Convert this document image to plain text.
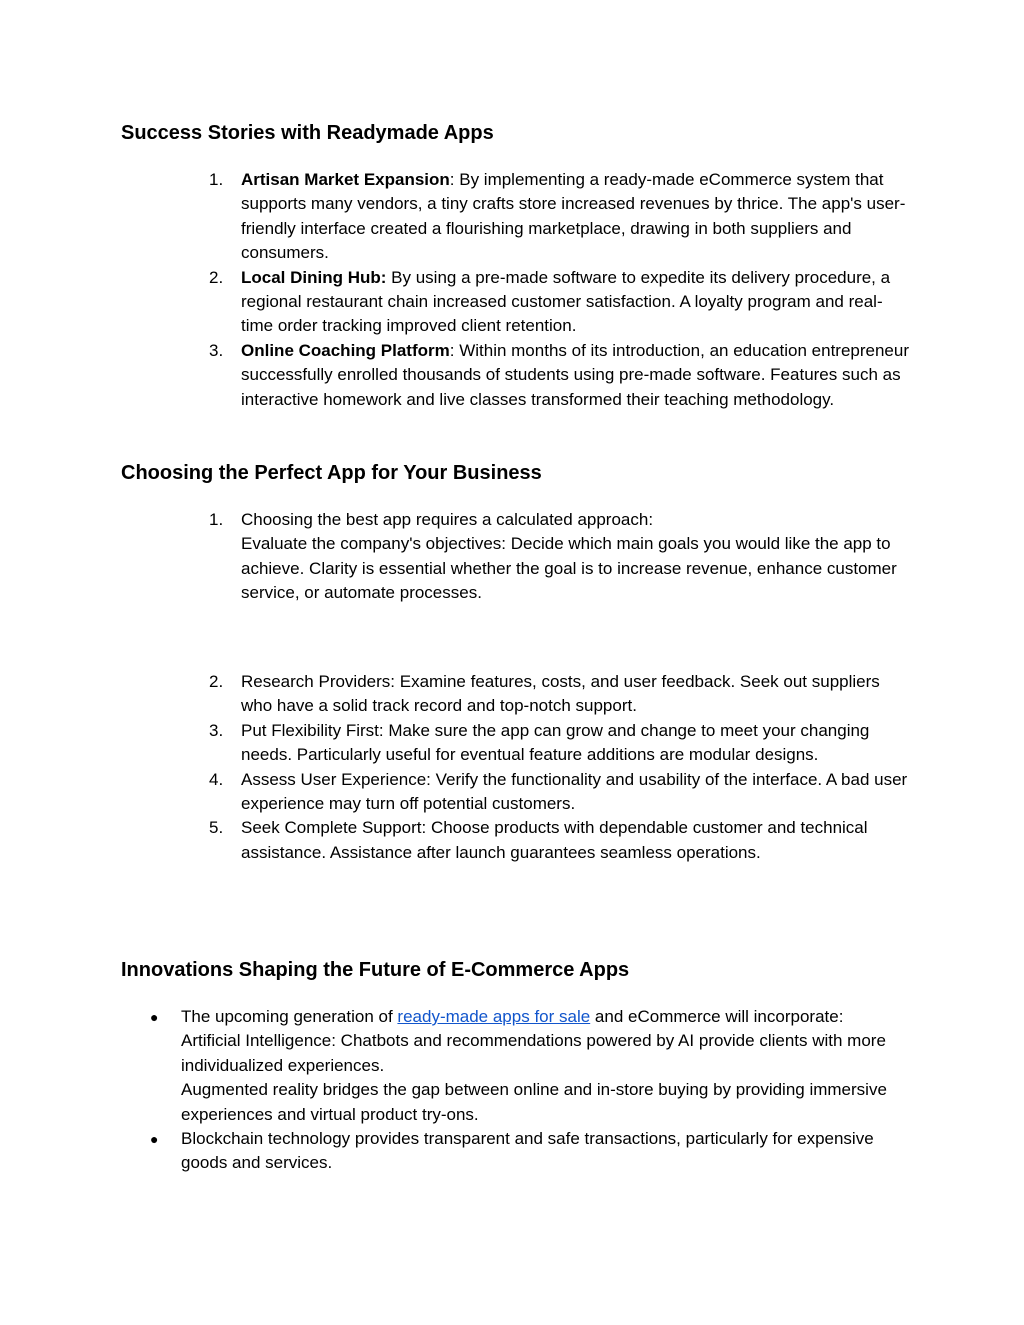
Success Stories with Readymade Apps
1. Artisan Market Expansion: By implementing a ready-made eCommerce system that supports many vendors, a tiny crafts store increased revenues by thrice. The app's user-friendly interface created a flourishing marketplace, drawing in both suppliers and consumers.
2. Local Dining Hub: By using a pre-made software to expedite its delivery procedure, a regional restaurant chain increased customer satisfaction. A loyalty program and real-time order tracking improved client retention.
3. Online Coaching Platform: Within months of its introduction, an education entrepreneur successfully enrolled thousands of students using pre-made software. Features such as interactive homework and live classes transformed their teaching methodology.
Choosing the Perfect App for Your Business
1. Choosing the best app requires a calculated approach:
Evaluate the company's objectives: Decide which main goals you would like the app to achieve. Clarity is essential whether the goal is to increase revenue, enhance customer service, or automate processes.
2. Research Providers: Examine features, costs, and user feedback. Seek out suppliers who have a solid track record and top-notch support.
3. Put Flexibility First: Make sure the app can grow and change to meet your changing needs. Particularly useful for eventual feature additions are modular designs.
4. Assess User Experience: Verify the functionality and usability of the interface. A bad user experience may turn off potential customers.
5. Seek Complete Support: Choose products with dependable customer and technical assistance. Assistance after launch guarantees seamless operations.
Innovations Shaping the Future of E-Commerce Apps
● The upcoming generation of ready-made apps for sale and eCommerce will incorporate:
Artificial Intelligence: Chatbots and recommendations powered by AI provide clients with more individualized experiences.
Augmented reality bridges the gap between online and in-store buying by providing immersive experiences and virtual product try-ons.
● Blockchain technology provides transparent and safe transactions, particularly for expensive goods and services.
